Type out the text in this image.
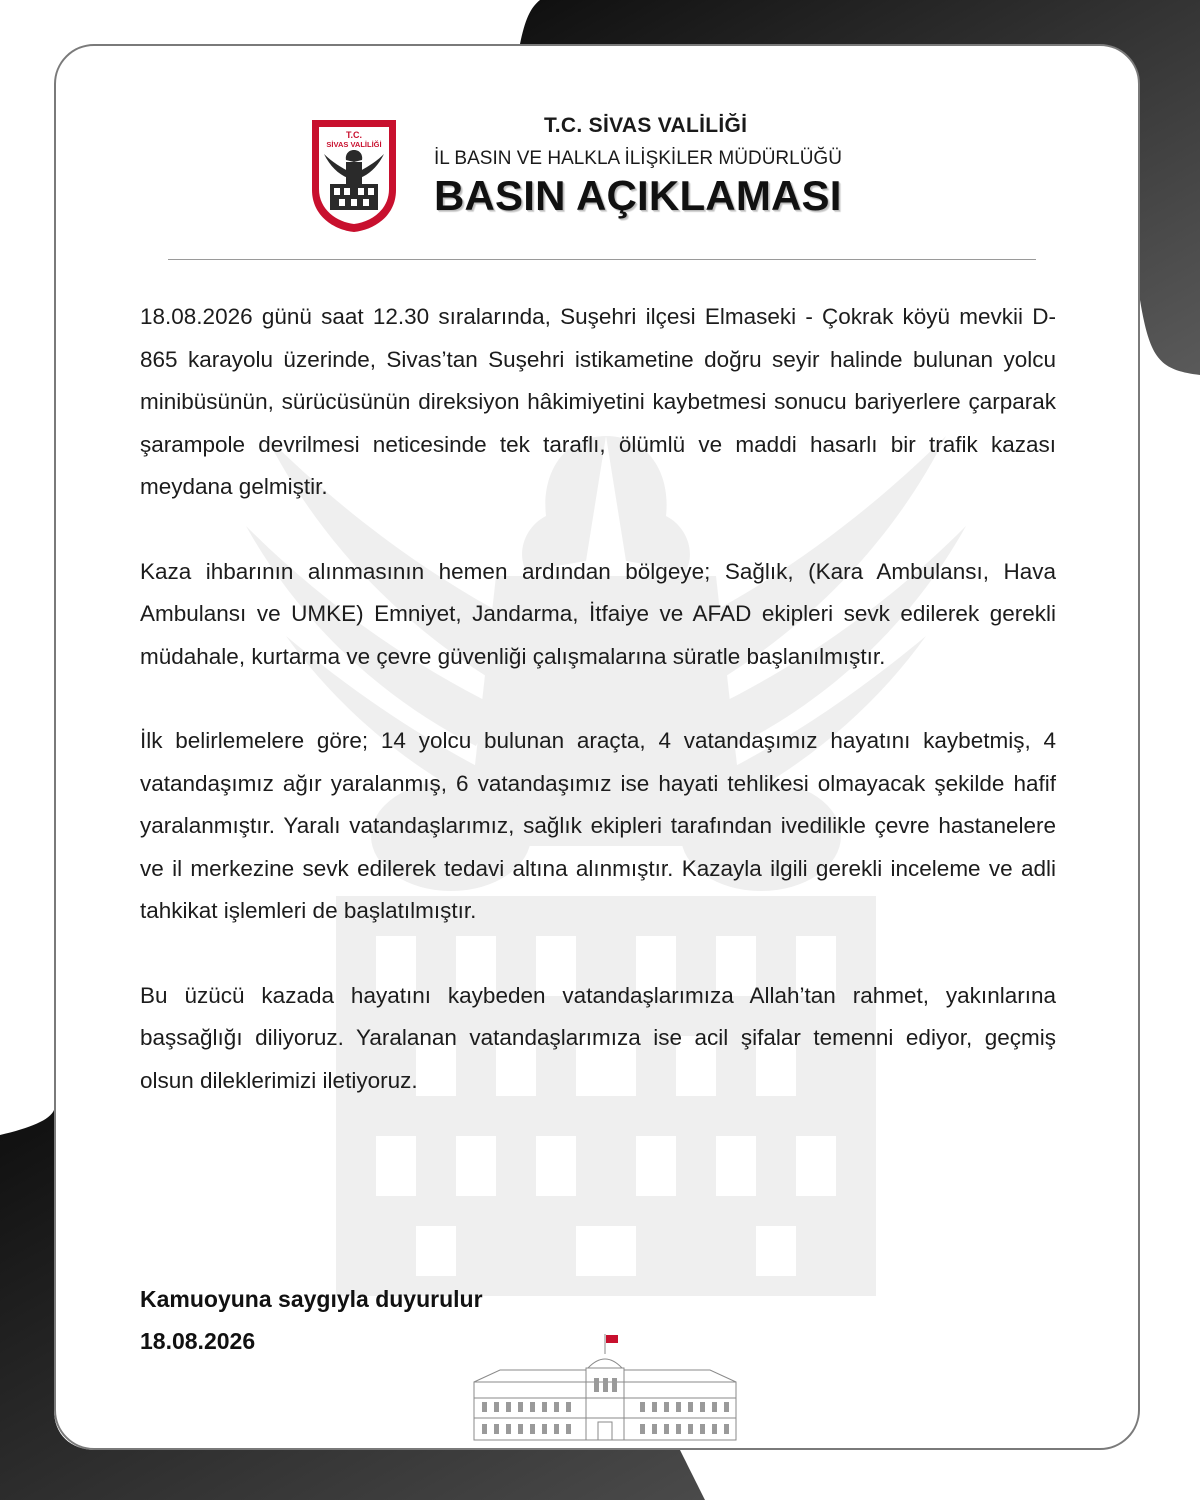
T.C.
SİVAS VALİLİĞİ
T.C. SİVAS VALİLİĞİ
İL BASIN VE HALKLA İLİŞKİLER MÜDÜRLÜĞÜ
BASIN AÇIKLAMASI

18.08.2026 günü saat 12.30 sıralarında, Suşehri ilçesi Elmaseki - Çokrak köyü mevkii D-865 karayolu üzerinde, Sivas’tan Suşehri istikametine doğru seyir halinde bulunan yolcu minibüsünün, sürücüsünün direksiyon hâkimiyetini kaybetmesi sonucu bariyerlere çarparak şarampole devrilmesi neticesinde tek taraflı, ölümlü ve maddi hasarlı bir trafik kazası meydana gelmiştir.

Kaza ihbarının alınmasının hemen ardından bölgeye; Sağlık, (Kara Ambulansı, Hava Ambulansı ve UMKE) Emniyet, Jandarma, İtfaiye ve AFAD ekipleri sevk edilerek gerekli müdahale, kurtarma ve çevre güvenliği çalışmalarına süratle başlanılmıştır.

İlk belirlemelere göre; 14 yolcu bulunan araçta, 4 vatandaşımız hayatını kaybetmiş, 4 vatandaşımız ağır yaralanmış, 6 vatandaşımız ise hayati tehlikesi olmayacak şekilde hafif yaralanmıştır. Yaralı vatandaşlarımız, sağlık ekipleri tarafından ivedilikle çevre hastanelere ve il merkezine sevk edilerek tedavi altına alınmıştır. Kazayla ilgili gerekli inceleme ve adli tahkikat işlemleri de başlatılmıştır.

Bu üzücü kazada hayatını kaybeden vatandaşlarımıza Allah’tan rahmet, yakınlarına başsağlığı diliyoruz. Yaralanan vatandaşlarımıza ise acil şifalar temenni ediyor, geçmiş olsun dileklerimizi iletiyoruz.

Kamuoyuna saygıyla duyurulur
18.08.2026
